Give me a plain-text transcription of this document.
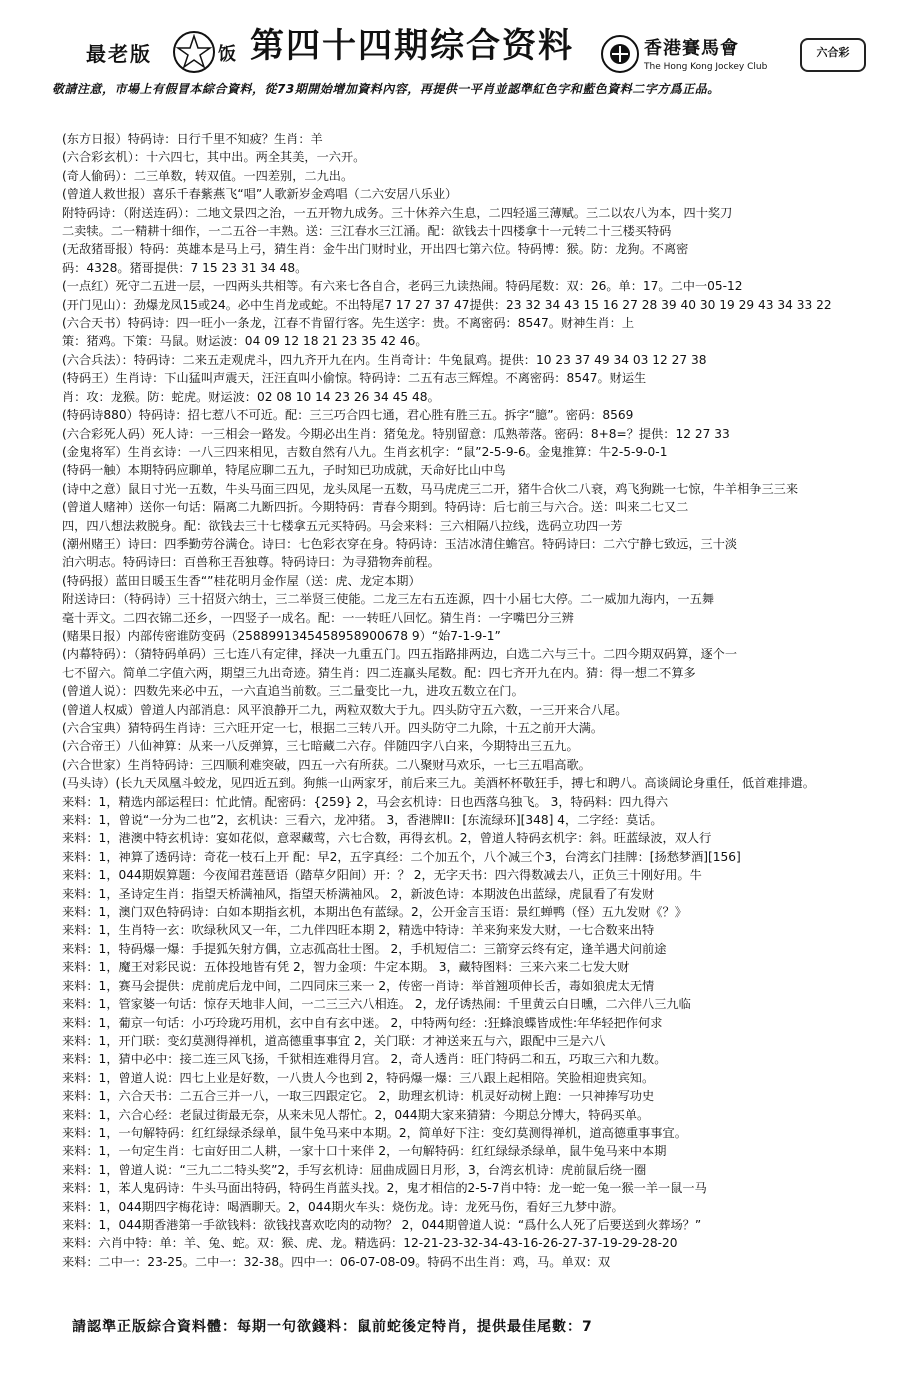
最老版	饭 第四十四期综合资料	香港賽馬會
The Hong Kong Jockey Club
六合彩
敬請注意，市場上有假冒本綜合資料，從73期開始增加資料內容，再提供一平肖並認準紅色字和藍色資料二字方爲正品。
(东方日报）特码诗：日行千里不知疲？生肖：羊
(六合彩玄机）：十六四七，其中出。两全其美，一六开。
(奇人偷码）：二三单数，转双值。一四差别，二九出。
(曾道人救世报）喜乐千春紫燕飞“唱”人歌新岁金鸡唱（二六安居八乐业）
附特码诗：（附送连码）：二地文景四之治，一五开物九成务。三十休养六生息，二四轻遥三薄赋。三二以农八为本，四十奖刀
二卖犊。二一精耕十细作，一二五谷一丰熟。送：三江春水三江涌。配：欲钱去十四楼拿十一元转二十三楼买特码
(无敌猪哥报）特码：英雄本是马上弓，猜生肖：金牛出门财时业，开出四七第六位。特码博：猴。防：龙狗。不离密
码：4328。猪哥提供：7 15 23 31 34 48。
(一点红）死守二五进一层，一四两头共相等。有六来七各自合，老码三九读热闹。特码尾数：双：26。单：17。二中一05-12
(开门见山）：劲爆龙凤15或24。必中生肖龙或蛇。不出特尾7 17 27 37 47提供：23 32 34 43 15 16 27 28 39 40 30 19 29 43 34 33 22
(六合天书）特码诗：四一旺小一条龙，江春不肯留行客。先生送字：贵。不离密码：8547。财神生肖：上
策：猪鸡。下策：马鼠。财运波：04 09 12 18 21 23 35 42 46。
(六合兵法）：特码诗：二来五走观虎斗，四九齐开九在内。生肖奇计：牛兔鼠鸡。提供：10 23 37 49 34 03 12 27 38
(特码王）生肖诗：下山猛叫声震天，汪汪直叫小偷惊。特码诗：二五有志三辉煌。不离密码：8547。财运生
肖：攻：龙猴。防：蛇虎。财运波：02 08 10 14 23 26 34 45 48。
(特码诗880）特码诗：招七惹八不可近。配：三三巧合四七通，君心胜有胜三五。拆字“臆”。密码：8569
(六合彩死人码）死人诗：一三相会一路发。今期必出生肖：猪兔龙。特别留意：瓜熟蒂落。密码：8+8=？提供：12 27 33
(金鬼将军）生肖玄诗：一八三四来相见，吉数自然有八九。生肖玄机字：“鼠”2-5-9-6。金鬼推算：牛2-5-9-0-1
(特码一触）本期特码应聊单，特尾应聊二五九，子时知已功成就，天命好比山中鸟
(诗中之意）鼠日寸光一五数，牛头马面三四见，龙头凤尾一五数，马马虎虎三二开，猪牛合伙二八衰，鸡飞狗跳一七惊，牛羊相争三三来
(曾道人赌神）送你一句话：隔离二九断四折。今期特码：青春今期到。特码诗：后七前三与六合。送：叫来二七又二
四，四八想法救脱身。配：欲钱去三十七楼拿五元买特码。马会来料：三六相隔八拉线，选码立功四一芳
(潮州赌王）诗曰：四季勤劳谷满仓。诗曰：七色彩衣穿在身。特码诗：玉洁冰清住蟾宫。特码诗曰：二六宁静七致远，三十淡
泊六明志。特码诗曰：百兽称王吾独尊。特码诗曰：为寻猎物奔前程。
(特码报）蓝田日暖玉生香“”桂花明月金作屋（送：虎、龙定本期）
附送诗曰：（特码诗）三十招贤六纳士，三二举贤三使能。二龙三左右五连源，四十小届七大停。二一威加九海内，一五舞
毫十弄文。二四衣锦二还乡，一四竖子一成名。配：一一转旺八回忆。猜生肖：一字嘴巴分三辨
(赌果日报）内部传密谁防变码（2588991345458958900678 9）“始7-1-9-1”
(内幕特码）：（猜特码单码）三七连八有定律，择决一九重五门。四五指路排两边，白选二六与三十。二四今期双码算，逐个一
七不留六。简单二字值六两，期望三九出奇迹。猜生肖：四二连赢头尾数。配：四七齐开九在内。猜：得一想二不算多
(曾道人说）：四数先来必中五，一六直追当前数。三二量变比一九，进攻五数立在门。
(曾道人权威）曾道人内部消息：风平浪静开二九，两粒双数大于九。四头防守五六数，一三开来合八尾。
(六合宝典）猜特码生肖诗：三六旺开定一七，根据二三转八开。四头防守二九除，十五之前开大满。
(六合帝王）八仙神算：从来一八反弹算，三七暗藏二六存。伴随四字八白来，今期特出三五九。
(六合世家）生肖特码诗：三四顺利难突破，四五一六有所获。二八聚财马欢乐，一七三五唱高歌。
(马头诗）(长九天凤凰斗蛟龙，见四近五到。狗熊一山两家牙，前后来三九。美酒杯杯敬狂手，搏七和聘八。高谈阔论身重任，低首难排遣。
来料：1，精选内部运程曰：忙此情。配密码：{259} 2，马会玄机诗：日也西落乌独飞。 3，特码料：四九得六
来料：1，曾说“一分为二也”2，玄机诀：三看六，龙冲猪。 3，香港牌II：[东流绿环][348] 4，二字经：莫话。
来料：1，港澳中特玄机诗：宴如花似，意翠藏莺，六七合数，再得玄机。2，曾道人特码玄机字：斜。旺蓝绿波，双人行
来料：1，神算了透码诗：奇花一枝石上开 配：早2，五字真经：二个加五个，八个减三个3，台湾玄门挂牌：[扬愁梦酒][156]
来料：1，044期娱算题：今夜闻君莲琶语（踏草夕阳间）开：？ 2，无字天书：四六得数减去八，正负三十刚好用。牛
来料：1，圣诗定生肖：指望天桥满袖风，指望天桥满袖风。 2，新波色诗：本期波色出蓝绿，虎鼠看了有发财
来料：1，澳门双色特码诗：白如本期指玄机，本期出色有蓝绿。2，公开金言玉语：景红蝉鸭（怪）五九发财《？》
来料：1，生肖特一玄：吹绿秋风又一年，二九伴四旺本期 2，精选中特诗：羊来狗来发大财，一七合数来出特
来料：1，特码爆一爆：手提狐矢射方偶，立志孤高壮士图。 2，手机短信二：三箭穿云终有定，逢羊遇犬问前途
来料：1，魔王对彩民说：五体投地皆有凭 2，智力金项：牛定本期。 3，藏特图料：三来六来二七发大财
来料：1，赛马会提供：虎前虎后龙中间，二四同床三来一 2，传密一肖诗：举首翘项伸长舌，毒如狼虎太无情
来料：1，管家婆一句话：惊存天地非人间，一二三三六八相连。 2，龙仔诱热闹：千里黄云白日曛，二六伴八三九临
来料：1，葡京一句话：小巧玲珑巧用机，玄中自有玄中迷。 2，中特两句经：:狂蜂浪蝶皆成性:年华轻把作何求
来料：1，开门联：变幻莫测得禅机，道高德重事事宜 2，关门联：才神送来五与六，跟配中三是六八
来料：1，猜中必中：接二连三风飞扬，千狱相连难得月宫。 2，奇人透肖：旺门特码二和五，巧取三六和九数。
来料：1，曾道人说：四七上业是好数，一八贵人今也到 2，特码爆一爆：三八跟上起相陪。笑脸相迎贵宾知。
来料：1，六合天书：二五合三并一八，一取三四跟定它。 2，助理玄机诗：机灵好动树上跑：一只神捧写功史
来料：1，六合心经：老鼠过街最无奈，从来未见人帮忙。2，044期大家来猜猜：今期总分博大，特码买单。
来料：1，一句解特码：红红绿绿杀绿单，鼠牛兔马来中本期。2，简单好下注：变幻莫测得禅机，道高德重事事宜。
来料：1，一句定生肖：七亩好田二人耕，一家十口十来伴 2，一句解特码：红红绿绿杀绿单，鼠牛兔马来中本期
来料：1，曾道人说：“三九二二特头奖”2，手写玄机诗：屈曲成圆日月形，3，台湾玄机诗：虎前鼠后绕一圈
来料：1，苯人鬼码诗：牛头马面出特码，特码生肖蓝头找。2，鬼才相信的2-5-7肖中特：龙一蛇一兔一猴一羊一鼠一马
来料：1，044期四字梅花诗：喝酒聊天。2，044期火车头：烧伤龙。诗：龙死马伤，看好三九梦中游。
来料：1，044期香港第一手欲钱料：欲钱找喜欢吃肉的动物？ 2，044期曾道人说：“爲什么人死了后要送到火葬场？”
来料：六肖中特：单：羊、兔、蛇。双：猴、虎、龙。精选码：12-21-23-32-34-43-16-26-27-37-19-29-28-20
来料：二中一：23-25。二中一：32-38。四中一：06-07-08-09。特码不出生肖：鸡，马。单双：双
請認準正版綜合資料體：每期一句欲錢料：鼠前蛇後定特肖，提供最佳尾數：7
